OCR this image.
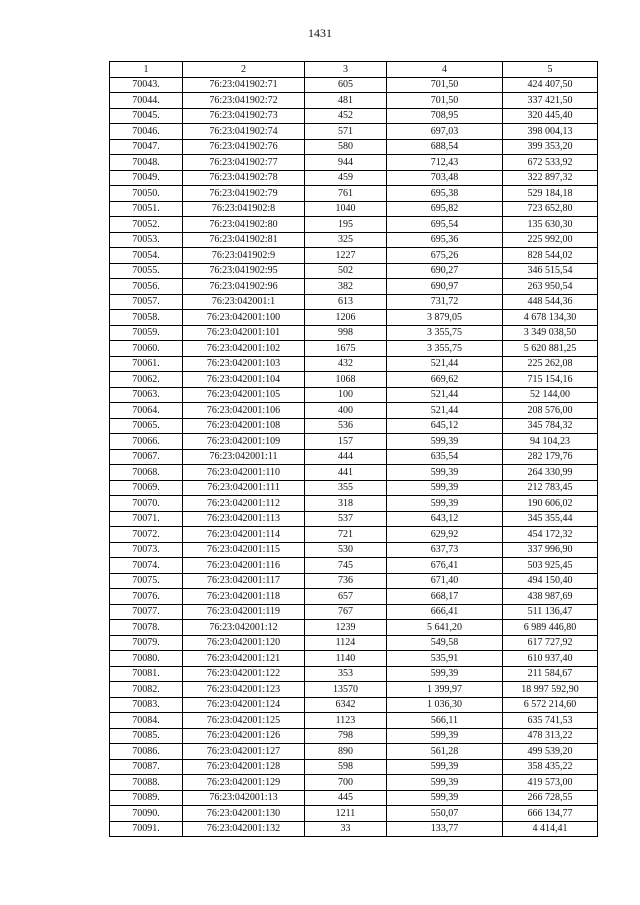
1431
1	2	3	4	5
70043.	76:23:041902:71	605	701,50	424 407,50
70044.	76:23:041902:72	481	701,50	337 421,50
70045.	76:23:041902:73	452	708,95	320 445,40
70046.	76:23:041902:74	571	697,03	398 004,13
70047.	76:23:041902:76	580	688,54	399 353,20
70048.	76:23:041902:77	944	712,43	672 533,92
70049.	76:23:041902:78	459	703,48	322 897,32
70050.	76:23:041902:79	761	695,38	529 184,18
70051.	76:23:041902:8	1040	695,82	723 652,80
70052.	76:23:041902:80	195	695,54	135 630,30
70053.	76:23:041902:81	325	695,36	225 992,00
70054.	76:23:041902:9	1227	675,26	828 544,02
70055.	76:23:041902:95	502	690,27	346 515,54
70056.	76:23:041902:96	382	690,97	263 950,54
70057.	76:23:042001:1	613	731,72	448 544,36
70058.	76:23:042001:100	1206	3 879,05	4 678 134,30
70059.	76:23:042001:101	998	3 355,75	3 349 038,50
70060.	76:23:042001:102	1675	3 355,75	5 620 881,25
70061.	76:23:042001:103	432	521,44	225 262,08
70062.	76:23:042001:104	1068	669,62	715 154,16
70063.	76:23:042001:105	100	521,44	52 144,00
70064.	76:23:042001:106	400	521,44	208 576,00
70065.	76:23:042001:108	536	645,12	345 784,32
70066.	76:23:042001:109	157	599,39	94 104,23
70067.	76:23:042001:11	444	635,54	282 179,76
70068.	76:23:042001:110	441	599,39	264 330,99
70069.	76:23:042001:111	355	599,39	212 783,45
70070.	76:23:042001:112	318	599,39	190 606,02
70071.	76:23:042001:113	537	643,12	345 355,44
70072.	76:23:042001:114	721	629,92	454 172,32
70073.	76:23:042001:115	530	637,73	337 996,90
70074.	76:23:042001:116	745	676,41	503 925,45
70075.	76:23:042001:117	736	671,40	494 150,40
70076.	76:23:042001:118	657	668,17	438 987,69
70077.	76:23:042001:119	767	666,41	511 136,47
70078.	76:23:042001:12	1239	5 641,20	6 989 446,80
70079.	76:23:042001:120	1124	549,58	617 727,92
70080.	76:23:042001:121	1140	535,91	610 937,40
70081.	76:23:042001:122	353	599,39	211 584,67
70082.	76:23:042001:123	13570	1 399,97	18 997 592,90
70083.	76:23:042001:124	6342	1 036,30	6 572 214,60
70084.	76:23:042001:125	1123	566,11	635 741,53
70085.	76:23:042001:126	798	599,39	478 313,22
70086.	76:23:042001:127	890	561,28	499 539,20
70087.	76:23:042001:128	598	599,39	358 435,22
70088.	76:23:042001:129	700	599,39	419 573,00
70089.	76:23:042001:13	445	599,39	266 728,55
70090.	76:23:042001:130	1211	550,07	666 134,77
70091.	76:23:042001:132	33	133,77	4 414,41
